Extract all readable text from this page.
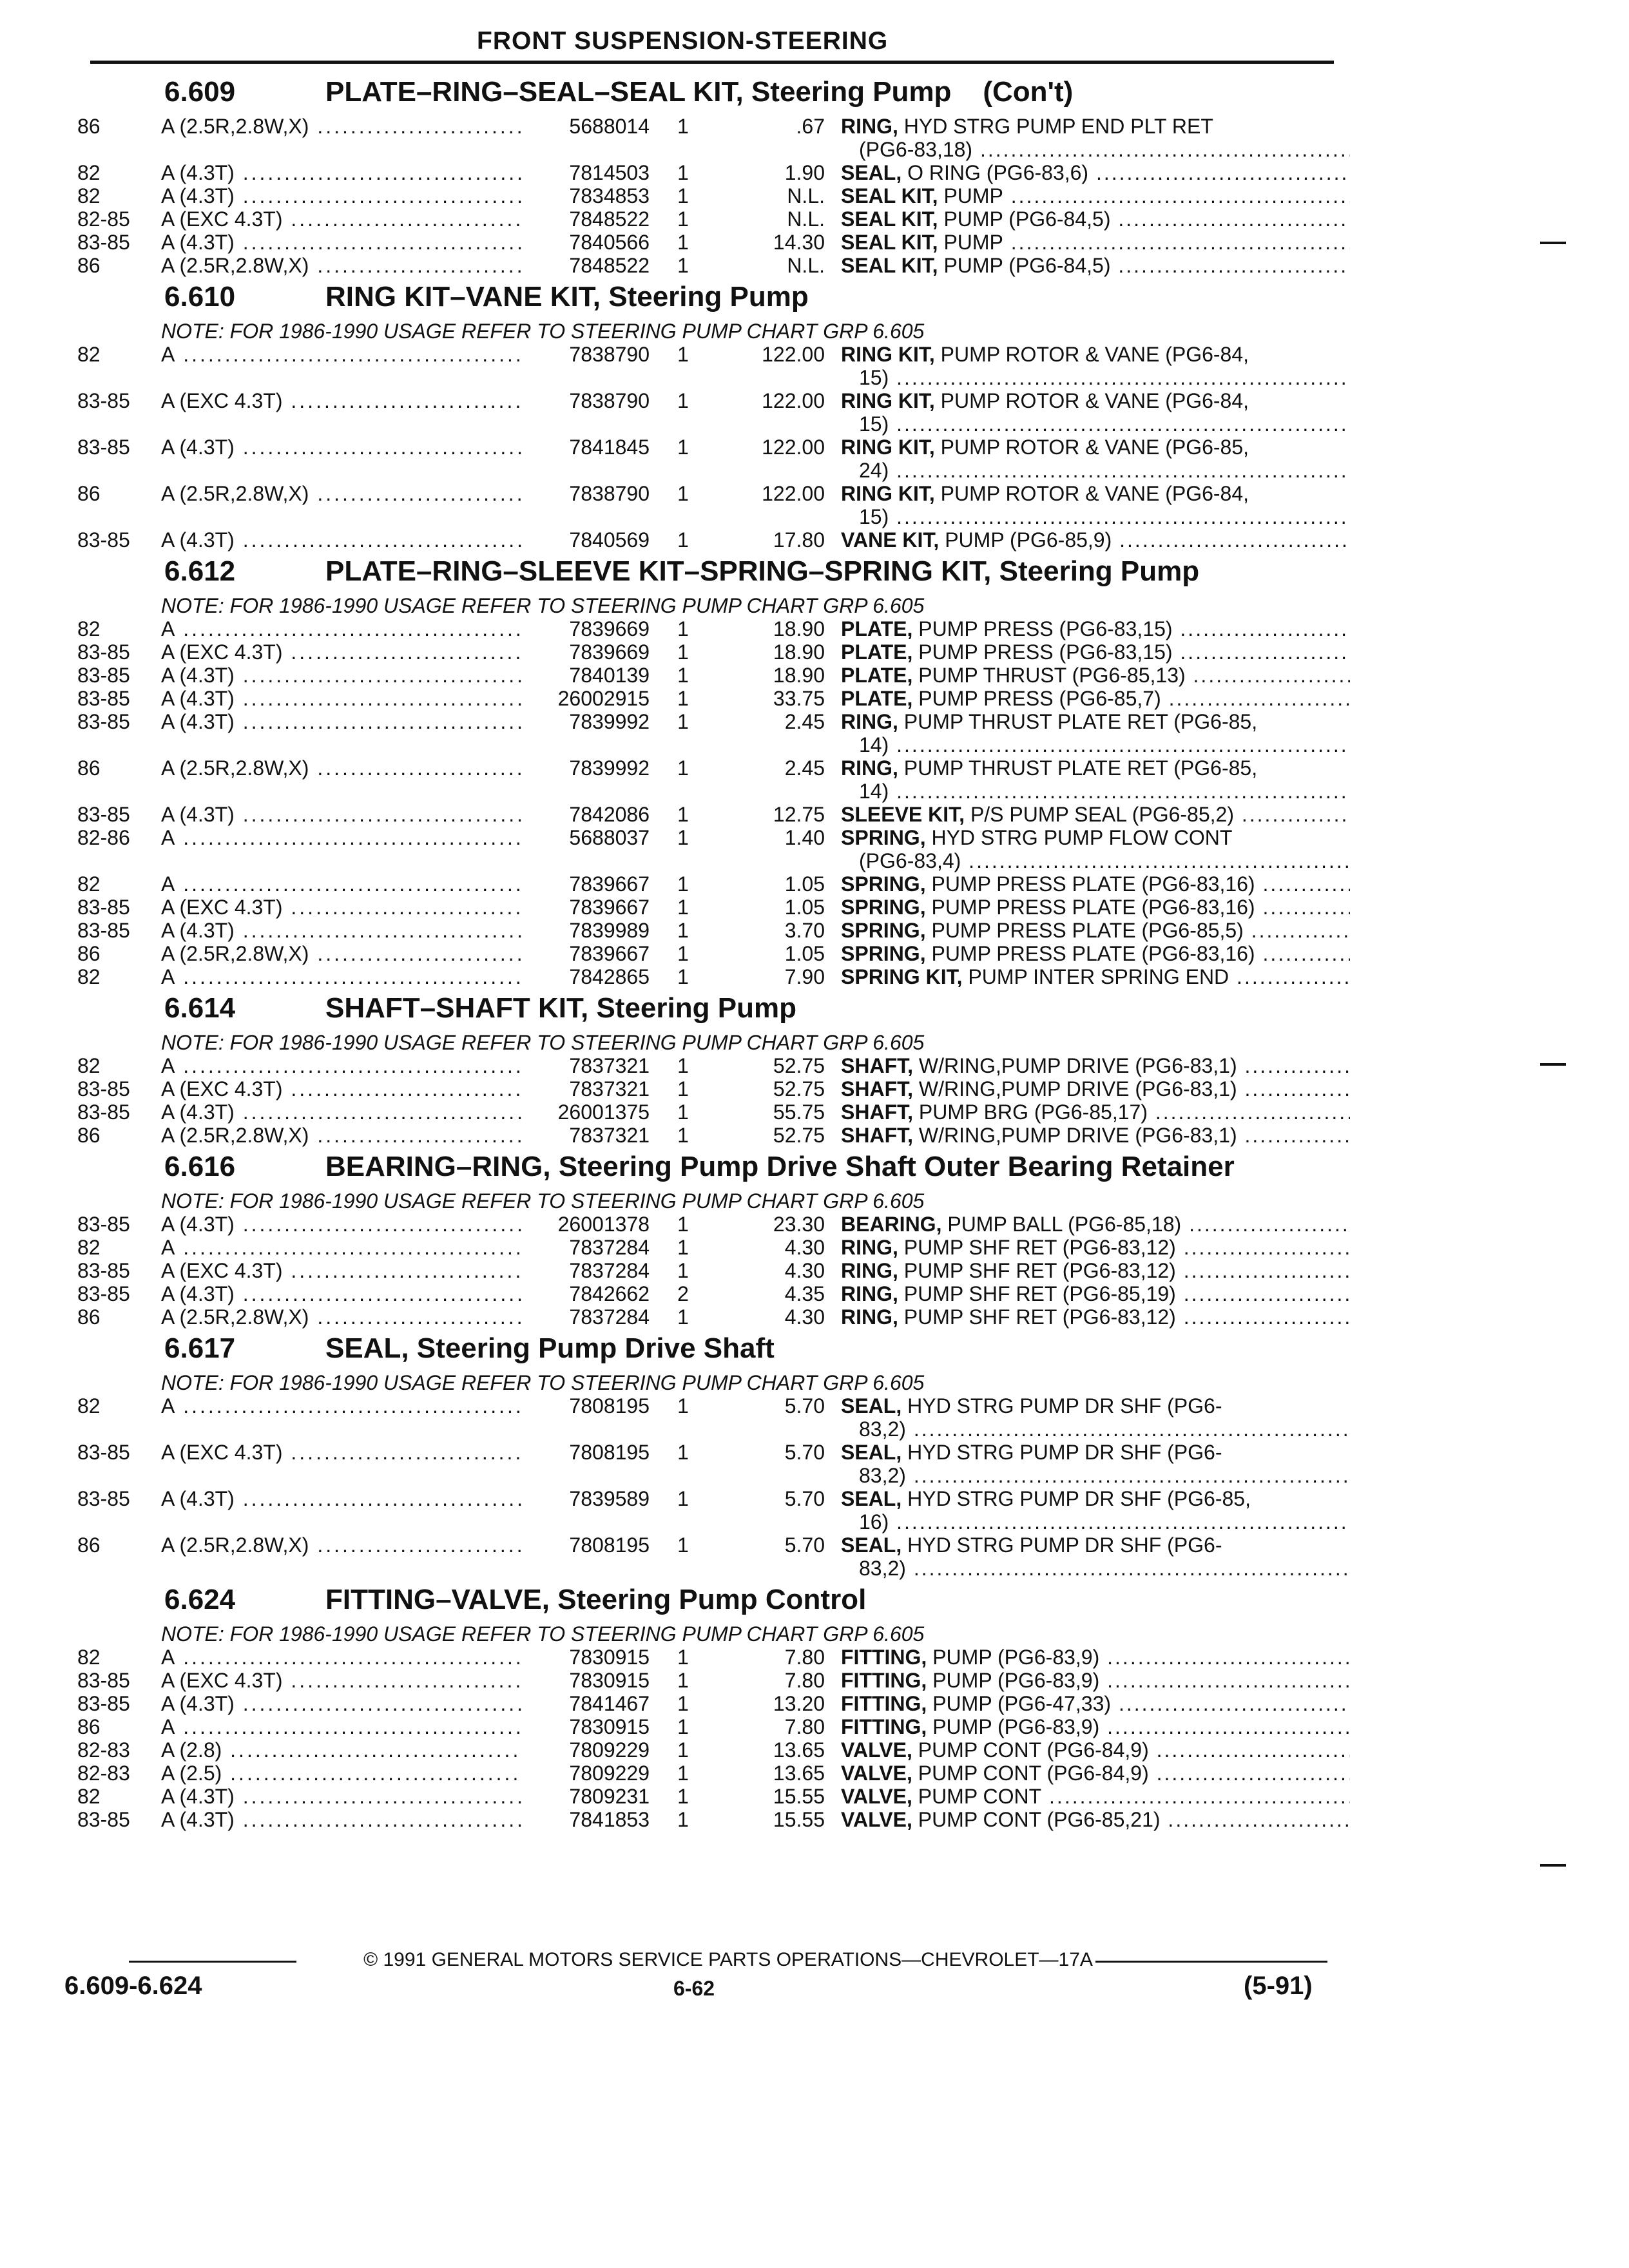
FRONT SUSPENSION-STEERING
6.609	PLATE–RING–SEAL–SEAL KIT, Steering Pump    (Con't)
86	A (2.5R,2.8W,X) .....	5688014	1	.67 RING, HYD STRG PUMP END PLT RET
(PG6-83,18) .....
82	A (4.3T) .....	7814503	1	1.90 SEAL, O RING (PG6-83,6) .....
82	A (4.3T) .....	7834853	1	N.L. SEAL KIT, PUMP .....
82-85	A (EXC 4.3T) .....	7848522	1	N.L. SEAL KIT, PUMP (PG6-84,5) .....
83-85	A (4.3T) .....	7840566	1	14.30 SEAL KIT, PUMP .....
86	A (2.5R,2.8W,X) .....	7848522	1	N.L. SEAL KIT, PUMP (PG6-84,5) .....
6.610	RING KIT–VANE KIT, Steering Pump
NOTE: FOR 1986-1990 USAGE REFER TO STEERING PUMP CHART GRP 6.605
82	A .....	7838790	1	122.00 RING KIT, PUMP ROTOR & VANE (PG6-84,
15) .....
83-85	A (EXC 4.3T) .....	7838790	1	122.00 RING KIT, PUMP ROTOR & VANE (PG6-84,
15) .....
83-85	A (4.3T) .....	7841845	1	122.00 RING KIT, PUMP ROTOR & VANE (PG6-85,
24) .....
86	A (2.5R,2.8W,X) .....	7838790	1	122.00 RING KIT, PUMP ROTOR & VANE (PG6-84,
15) .....
83-85	A (4.3T) .....	7840569	1	17.80 VANE KIT, PUMP (PG6-85,9) .....
6.612	PLATE–RING–SLEEVE KIT–SPRING–SPRING KIT, Steering Pump
NOTE: FOR 1986-1990 USAGE REFER TO STEERING PUMP CHART GRP 6.605
82	A .....	7839669	1	18.90 PLATE, PUMP PRESS (PG6-83,15) .....
83-85	A (EXC 4.3T) .....	7839669	1	18.90 PLATE, PUMP PRESS (PG6-83,15) .....
83-85	A (4.3T) .....	7840139	1	18.90 PLATE, PUMP THRUST (PG6-85,13) .....
83-85	A (4.3T) .....	26002915	1	33.75 PLATE, PUMP PRESS (PG6-85,7) .....
83-85	A (4.3T) .....	7839992	1	2.45 RING, PUMP THRUST PLATE RET (PG6-85,
14) .....
86	A (2.5R,2.8W,X) .....	7839992	1	2.45 RING, PUMP THRUST PLATE RET (PG6-85,
14) .....
83-85	A (4.3T) .....	7842086	1	12.75 SLEEVE KIT, P/S PUMP SEAL (PG6-85,2) .....
82-86	A .....	5688037	1	1.40 SPRING, HYD STRG PUMP FLOW CONT
(PG6-83,4) .....
82	A .....	7839667	1	1.05 SPRING, PUMP PRESS PLATE (PG6-83,16) .....
83-85	A (EXC 4.3T) .....	7839667	1	1.05 SPRING, PUMP PRESS PLATE (PG6-83,16) .....
83-85	A (4.3T) .....	7839989	1	3.70 SPRING, PUMP PRESS PLATE (PG6-85,5) .....
86	A (2.5R,2.8W,X) .....	7839667	1	1.05 SPRING, PUMP PRESS PLATE (PG6-83,16) .....
82	A .....	7842865	1	7.90 SPRING KIT, PUMP INTER SPRING END .....
6.614	SHAFT–SHAFT KIT, Steering Pump
NOTE: FOR 1986-1990 USAGE REFER TO STEERING PUMP CHART GRP 6.605
82	A .....	7837321	1	52.75 SHAFT, W/RING,PUMP DRIVE (PG6-83,1) .....
83-85	A (EXC 4.3T) .....	7837321	1	52.75 SHAFT, W/RING,PUMP DRIVE (PG6-83,1) .....
83-85	A (4.3T) .....	26001375	1	55.75 SHAFT, PUMP BRG (PG6-85,17) .....
86	A (2.5R,2.8W,X) .....	7837321	1	52.75 SHAFT, W/RING,PUMP DRIVE (PG6-83,1) .....
6.616	BEARING–RING, Steering Pump Drive Shaft Outer Bearing Retainer
NOTE: FOR 1986-1990 USAGE REFER TO STEERING PUMP CHART GRP 6.605
83-85	A (4.3T) .....	26001378	1	23.30 BEARING, PUMP BALL (PG6-85,18) .....
82	A .....	7837284	1	4.30 RING, PUMP SHF RET (PG6-83,12) .....
83-85	A (EXC 4.3T) .....	7837284	1	4.30 RING, PUMP SHF RET (PG6-83,12) .....
83-85	A (4.3T) .....	7842662	2	4.35 RING, PUMP SHF RET (PG6-85,19) .....
86	A (2.5R,2.8W,X) .....	7837284	1	4.30 RING, PUMP SHF RET (PG6-83,12) .....
6.617	SEAL, Steering Pump Drive Shaft
NOTE: FOR 1986-1990 USAGE REFER TO STEERING PUMP CHART GRP 6.605
82	A .....	7808195	1	5.70 SEAL, HYD STRG PUMP DR SHF (PG6-
83,2) .....
83-85	A (EXC 4.3T) .....	7808195	1	5.70 SEAL, HYD STRG PUMP DR SHF (PG6-
83,2) .....
83-85	A (4.3T) .....	7839589	1	5.70 SEAL, HYD STRG PUMP DR SHF (PG6-85,
16) .....
86	A (2.5R,2.8W,X) .....	7808195	1	5.70 SEAL, HYD STRG PUMP DR SHF (PG6-
83,2) .....
6.624	FITTING–VALVE, Steering Pump Control
NOTE: FOR 1986-1990 USAGE REFER TO STEERING PUMP CHART GRP 6.605
82	A .....	7830915	1	7.80 FITTING, PUMP (PG6-83,9) .....
83-85	A (EXC 4.3T) .....	7830915	1	7.80 FITTING, PUMP (PG6-83,9) .....
83-85	A (4.3T) .....	7841467	1	13.20 FITTING, PUMP (PG6-47,33) .....
86	A .....	7830915	1	7.80 FITTING, PUMP (PG6-83,9) .....
82-83	A (2.8) .....	7809229	1	13.65 VALVE, PUMP CONT (PG6-84,9) .....
82-83	A (2.5) .....	7809229	1	13.65 VALVE, PUMP CONT (PG6-84,9) .....
82	A (4.3T) .....	7809231	1	15.55 VALVE, PUMP CONT .....
83-85	A (4.3T) .....	7841853	1	15.55 VALVE, PUMP CONT (PG6-85,21) .....
© 1991 GENERAL MOTORS SERVICE PARTS OPERATIONS—CHEVROLET—17A
6.609-6.624	6-62	(5-91)
